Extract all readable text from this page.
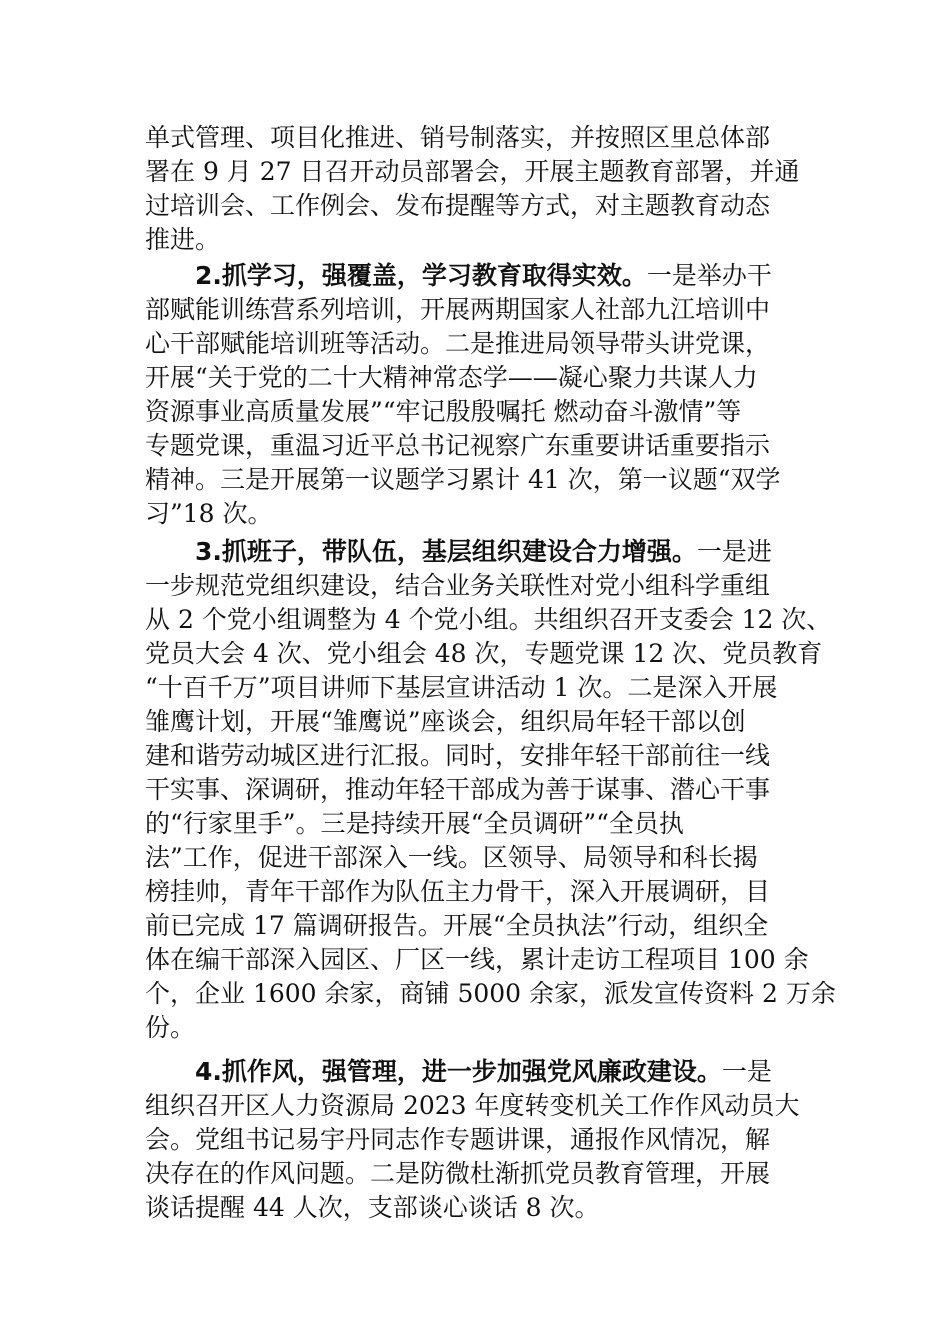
单式管理、项目化推进、销号制落实，并按照区里总体部
署在 9 月 27 日召开动员部署会，开展主题教育部署，并通
过培训会、工作例会、发布提醒等方式，对主题教育动态
推进。
2.抓学习，强覆盖，学习教育取得实效。一是举办干
部赋能训练营系列培训，开展两期国家人社部九江培训中
心干部赋能培训班等活动。二是推进局领导带头讲党课，
开展“关于党的二十大精神常态学——凝心聚力共谋人力
资源事业高质量发展”“牢记殷殷嘱托 燃动奋斗激情”等
专题党课，重温习近平总书记视察广东重要讲话重要指示
精神。三是开展第一议题学习累计 41 次，第一议题“双学
习”18 次。
3.抓班子，带队伍，基层组织建设合力增强。一是进
一步规范党组织建设，结合业务关联性对党小组科学重组
从 2 个党小组调整为 4 个党小组。共组织召开支委会 12 次、
党员大会 4 次、党小组会 48 次，专题党课 12 次、党员教育
“十百千万”项目讲师下基层宣讲活动 1 次。二是深入开展
雏鹰计划，开展“雏鹰说”座谈会，组织局年轻干部以创
建和谐劳动城区进行汇报。同时，安排年轻干部前往一线
干实事、深调研，推动年轻干部成为善于谋事、潜心干事
的“行家里手”。三是持续开展“全员调研”“全员执
法”工作，促进干部深入一线。区领导、局领导和科长揭
榜挂帅，青年干部作为队伍主力骨干，深入开展调研，目
前已完成 17 篇调研报告。开展“全员执法”行动，组织全
体在编干部深入园区、厂区一线，累计走访工程项目 100 余
个，企业 1600 余家，商铺 5000 余家，派发宣传资料 2 万余
份。
4.抓作风，强管理，进一步加强党风廉政建设。一是
组织召开区人力资源局 2023 年度转变机关工作作风动员大
会。党组书记易宇丹同志作专题讲课，通报作风情况，解
决存在的作风问题。二是防微杜渐抓党员教育管理，开展
谈话提醒 44 人次，支部谈心谈话 8 次。
